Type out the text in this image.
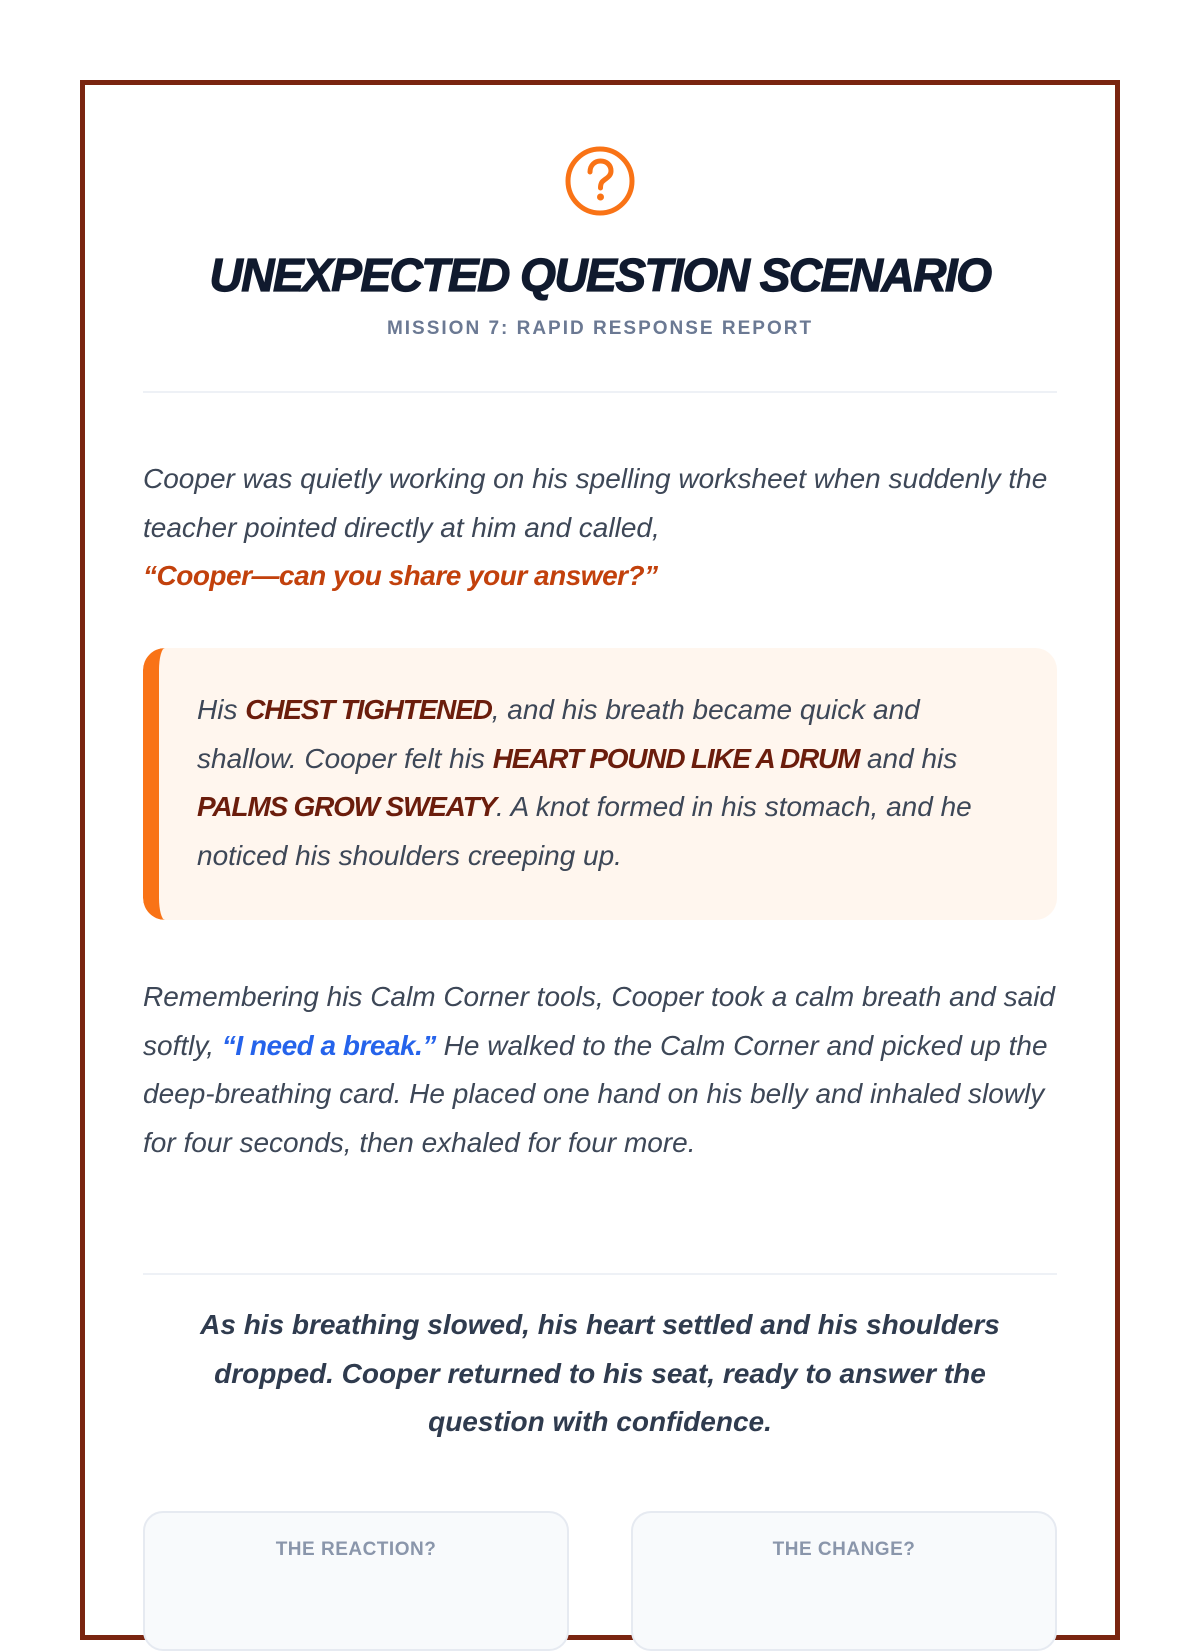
UNEXPECTED QUESTION SCENARIO
MISSION 7: RAPID RESPONSE REPORT

Cooper was quietly working on his spelling worksheet when suddenly the teacher pointed directly at him and called,
“Cooper—can you share your answer?”

His CHEST TIGHTENED, and his breath became quick and shallow. Cooper felt his HEART POUND LIKE A DRUM and his PALMS GROW SWEATY. A knot formed in his stomach, and he noticed his shoulders creeping up.

Remembering his Calm Corner tools, Cooper took a calm breath and said softly, “I need a break.” He walked to the Calm Corner and picked up the deep-breathing card. He placed one hand on his belly and inhaled slowly for four seconds, then exhaled for four more.

As his breathing slowed, his heart settled and his shoulders dropped. Cooper returned to his seat, ready to answer the question with confidence.

THE REACTION?	THE CHANGE?
